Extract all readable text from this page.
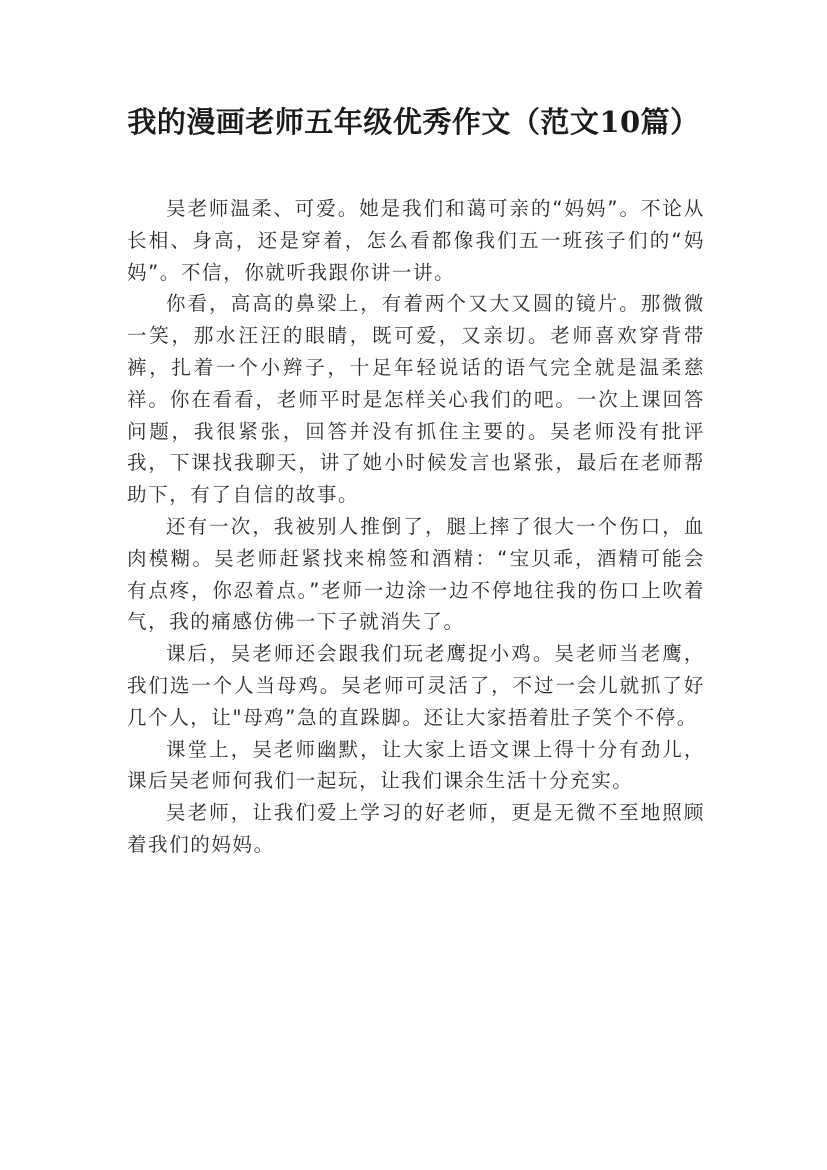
我的漫画老师五年级优秀作文（范文10篇）

吴老师温柔、可爱。她是我们和蔼可亲的“妈妈”。不论从长相、身高，还是穿着，怎么看都像我们五一班孩子们的“妈妈”。不信，你就听我跟你讲一讲。

你看，高高的鼻梁上，有着两个又大又圆的镜片。那微微一笑，那水汪汪的眼睛，既可爱，又亲切。老师喜欢穿背带裤，扎着一个小辫子，十足年轻说话的语气完全就是温柔慈祥。你在看看，老师平时是怎样关心我们的吧。一次上课回答问题，我很紧张，回答并没有抓住主要的。吴老师没有批评我，下课找我聊天，讲了她小时候发言也紧张，最后在老师帮助下，有了自信的故事。

还有一次，我被别人推倒了，腿上摔了很大一个伤口，血肉模糊。吴老师赶紧找来棉签和酒精：“宝贝乖，酒精可能会有点疼，你忍着点。”老师一边涂一边不停地往我的伤口上吹着气，我的痛感仿佛一下子就消失了。

课后，吴老师还会跟我们玩老鹰捉小鸡。吴老师当老鹰，我们选一个人当母鸡。吴老师可灵活了，不过一会儿就抓了好几个人，让"母鸡”急的直跺脚。还让大家捂着肚子笑个不停。

课堂上，吴老师幽默，让大家上语文课上得十分有劲儿，课后吴老师何我们一起玩，让我们课余生活十分充实。

吴老师，让我们爱上学习的好老师，更是无微不至地照顾着我们的妈妈。
